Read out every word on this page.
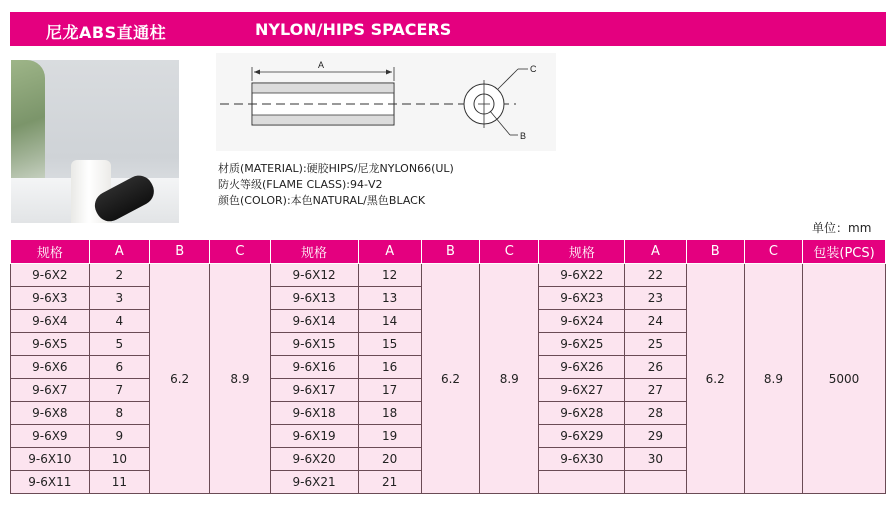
尼龙ABS直通柱	NYLON/HIPS SPACERS
A	C
B
材质(MATERIAL):硬胶HIPS/尼龙NYLON66(UL)
防火等级(FLAME CLASS):94-V2
颜色(COLOR):本色NATURAL/黑色BLACK
单位：mm
规格	A	B	C	规格	A	B	C	规格	A	B	C	包装(PCS)
9-6X2	2	6.2	8.9	9-6X12	12	6.2	8.9	9-6X22	22	6.2	8.9	5000
9-6X3	3			9-6X13	13			9-6X23	23			
9-6X4	4			9-6X14	14			9-6X24	24			
9-6X5	5			9-6X15	15			9-6X25	25			
9-6X6	6			9-6X16	16			9-6X26	26			
9-6X7	7			9-6X17	17			9-6X27	27			
9-6X8	8			9-6X18	18			9-6X28	28			
9-6X9	9			9-6X19	19			9-6X29	29			
9-6X10	10			9-6X20	20			9-6X30	30			
9-6X11	11			9-6X21	21							
